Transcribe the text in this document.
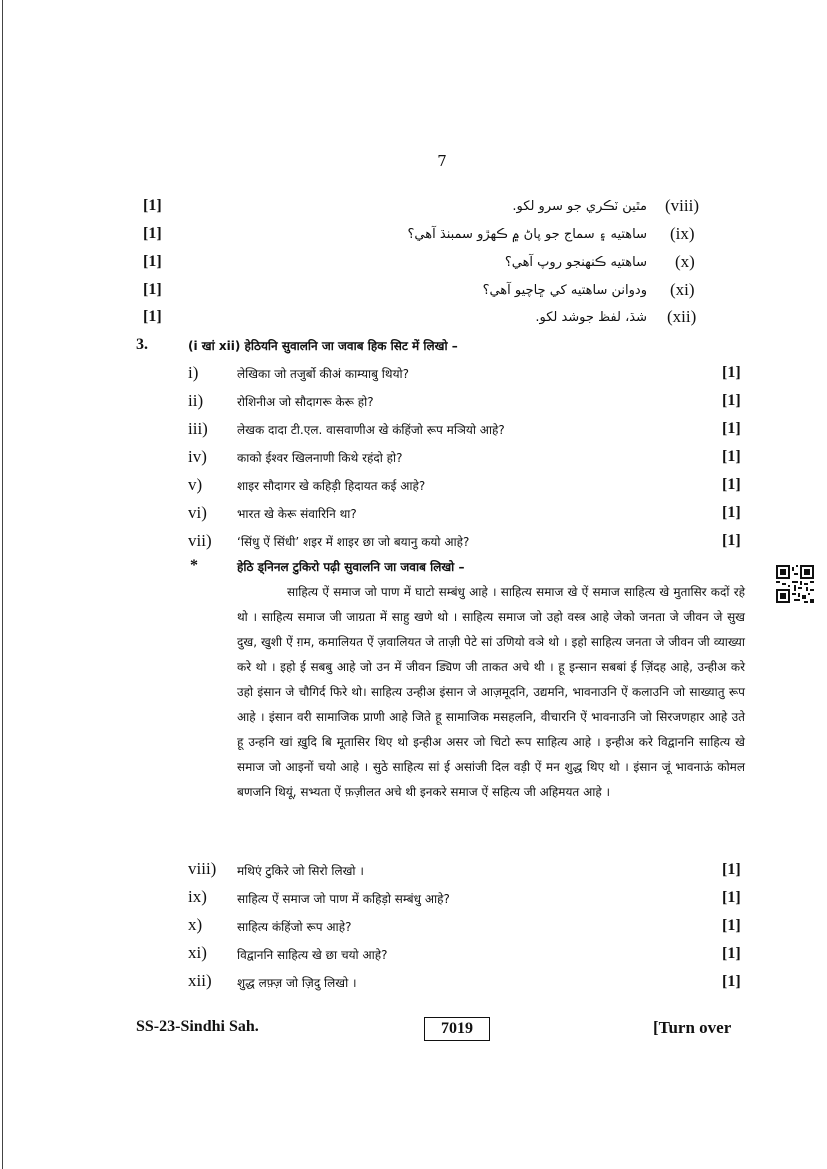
7
[1]	مٿين ٽڪري جو سرو لکو. (viii)
[1]	ساهتيه ۽ سماج جو پاڻ ۾ ڪهڙو سمبنڌ آهي؟ (ix)
[1]	ساهتيه ڪنهنجو روپ آهي؟ (x)
[1]	ودوانن ساهتيه کي ڇاچيو آهي؟ (xi)
[1]	شڌ، لفظ جوشد لکو. (xii)
3.	(i खां xii) हेठियनि सुवालनि जा जवाब हिक सिट में लिखो –
i)	लेखिका जो तजुर्बो कीअं काम्याबु थियो?	[1]
ii)	रोशिनीअ जो सौदागरू केरू हो?	[1]
iii) लेखक दादा टी.एल. वासवाणीअ खे कंहिंजो रूप मञियो आहे?	[1]
iv)	काको ईश्वर खिलनाणी किथे रहंदो हो?	[1]
v)	शाइर सौदागर खे कहिड़ी हिदायत कई आहे?	[1]
vi)	भारत खे केरू संवारिनि था?	[1]
vii) ‘सिंधु ऐं सिंधी’ शइर में शाइर छा जो बयानु कयो आहे?	[1]
*	हेठि ड्निनल टुकिरो पढ़ी सुवालनि जा जवाब लिखो –
साहित्य ऐं समाज जो पाण में घाटो सम्बंधु आहे । साहित्य समाज खे ऐं समाज साहित्य खे मुतासिर कदों रहे थो । साहित्य समाज जी जाग्रता में साहु खणे थो । साहित्य समाज जो उहो वस्त्र आहे जेको जनता जे जीवन जे सुख दुख, खुशी ऐं ग़म, कमालियत ऐं ज़वालियत जे ताज़ी पेटे सां उणियो वञे थो । इहो साहित्य जनता जे जीवन जी व्याख्या करे थो । इहो ई सबबु आहे जो उन में जीवन ड्यिण जी ताकत अचे थी । हू इन्सान सबबां ई ज़िंदह आहे, उन्हीअ करे उहो इंसान जे चौगिर्द फिरे थो। साहित्य उन्हीअ इंसान जे आज़मूदनि, उद्यमनि, भावनाउनि ऐं कलाउनि जो साख्यातु रूप आहे । इंसान वरी सामाजिक प्राणी आहे जिते हू सामाजिक मसहलनि, वीचारनि ऐं भावनाउनि जो सिरजणहार आहे उते हू उन्हनि खां ख़ुदि बि मूतासिर थिए थो इन्हीअ असर जो चिटो रूप साहित्य आहे । इन्हीअ करे विद्वाननि साहित्य खे समाज जो आइनों चयो आहे । सुठे साहित्य सां ई असांजी दिल वड़ी ऐं मन शुद्ध थिए थो । इंसान जूं भावनाऊं कोमल बणजनि थियूं, सभ्यता ऐं फ़ज़ीलत अचे थी इनकरे समाज ऐं सहित्य जी अहिमयत आहे ।
viii) मथिएं टुकिरे जो सिरो लिखो ।	[1]
ix)	साहित्य ऐं समाज जो पाण में कहिड़ो सम्बंधु आहे?	[1]
x)	साहित्य कंहिंजो रूप आहे?	[1]
xi)	विद्वाननि साहित्य खे छा चयो आहे?	[1]
xii) शुद्ध लफ़्ज़ जो ज़िदु लिखो ।	[1]
SS-23-Sindhi Sah.	7019	[Turn over
